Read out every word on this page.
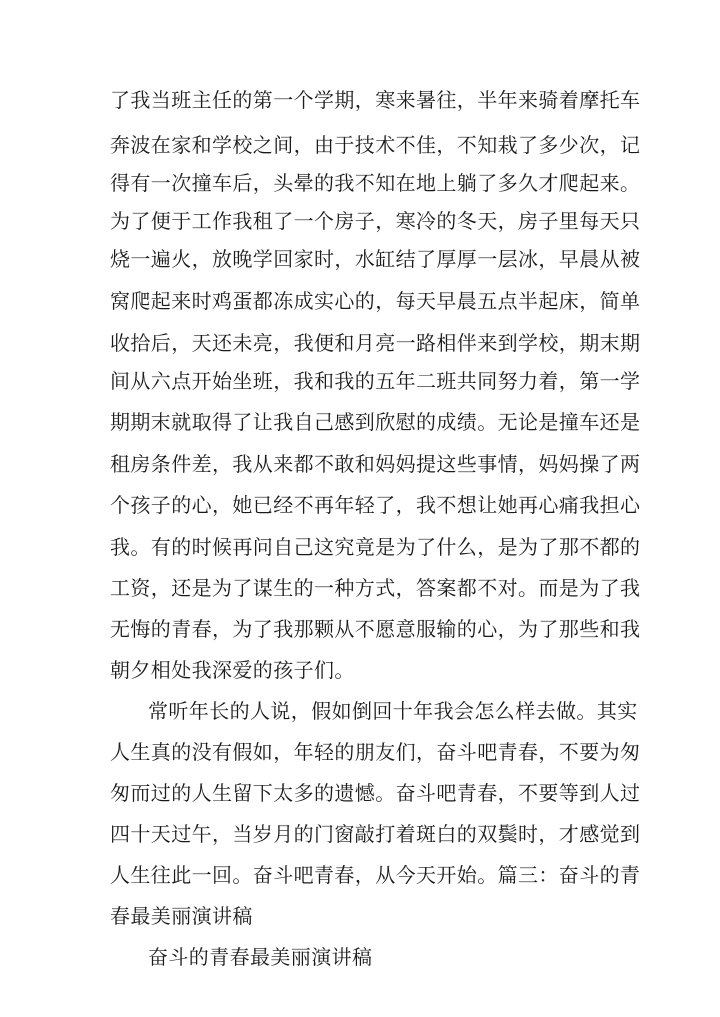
了我当班主任的第一个学期，寒来暑往，半年来骑着摩托车
奔波在家和学校之间，由于技术不佳，不知栽了多少次，记
得有一次撞车后，头晕的我不知在地上躺了多久才爬起来。
为了便于工作我租了一个房子，寒冷的冬天，房子里每天只
烧一遍火，放晚学回家时，水缸结了厚厚一层冰，早晨从被
窝爬起来时鸡蛋都冻成实心的，每天早晨五点半起床，简单
收拾后，天还未亮，我便和月亮一路相伴来到学校，期末期
间从六点开始坐班，我和我的五年二班共同努力着，第一学
期期末就取得了让我自己感到欣慰的成绩。无论是撞车还是
租房条件差，我从来都不敢和妈妈提这些事情，妈妈操了两
个孩子的心，她已经不再年轻了，我不想让她再心痛我担心
我。有的时候再问自己这究竟是为了什么，是为了那不都的
工资，还是为了谋生的一种方式，答案都不对。而是为了我
无悔的青春，为了我那颗从不愿意服输的心，为了那些和我
朝夕相处我深爱的孩子们。
常听年长的人说，假如倒回十年我会怎么样去做。其实
人生真的没有假如，年轻的朋友们，奋斗吧青春，不要为匆
匆而过的人生留下太多的遗憾。奋斗吧青春，不要等到人过
四十天过午，当岁月的门窗敲打着斑白的双鬓时，才感觉到
人生往此一回。奋斗吧青春，从今天开始。篇三：奋斗的青
春最美丽演讲稿
奋斗的青春最美丽演讲稿
